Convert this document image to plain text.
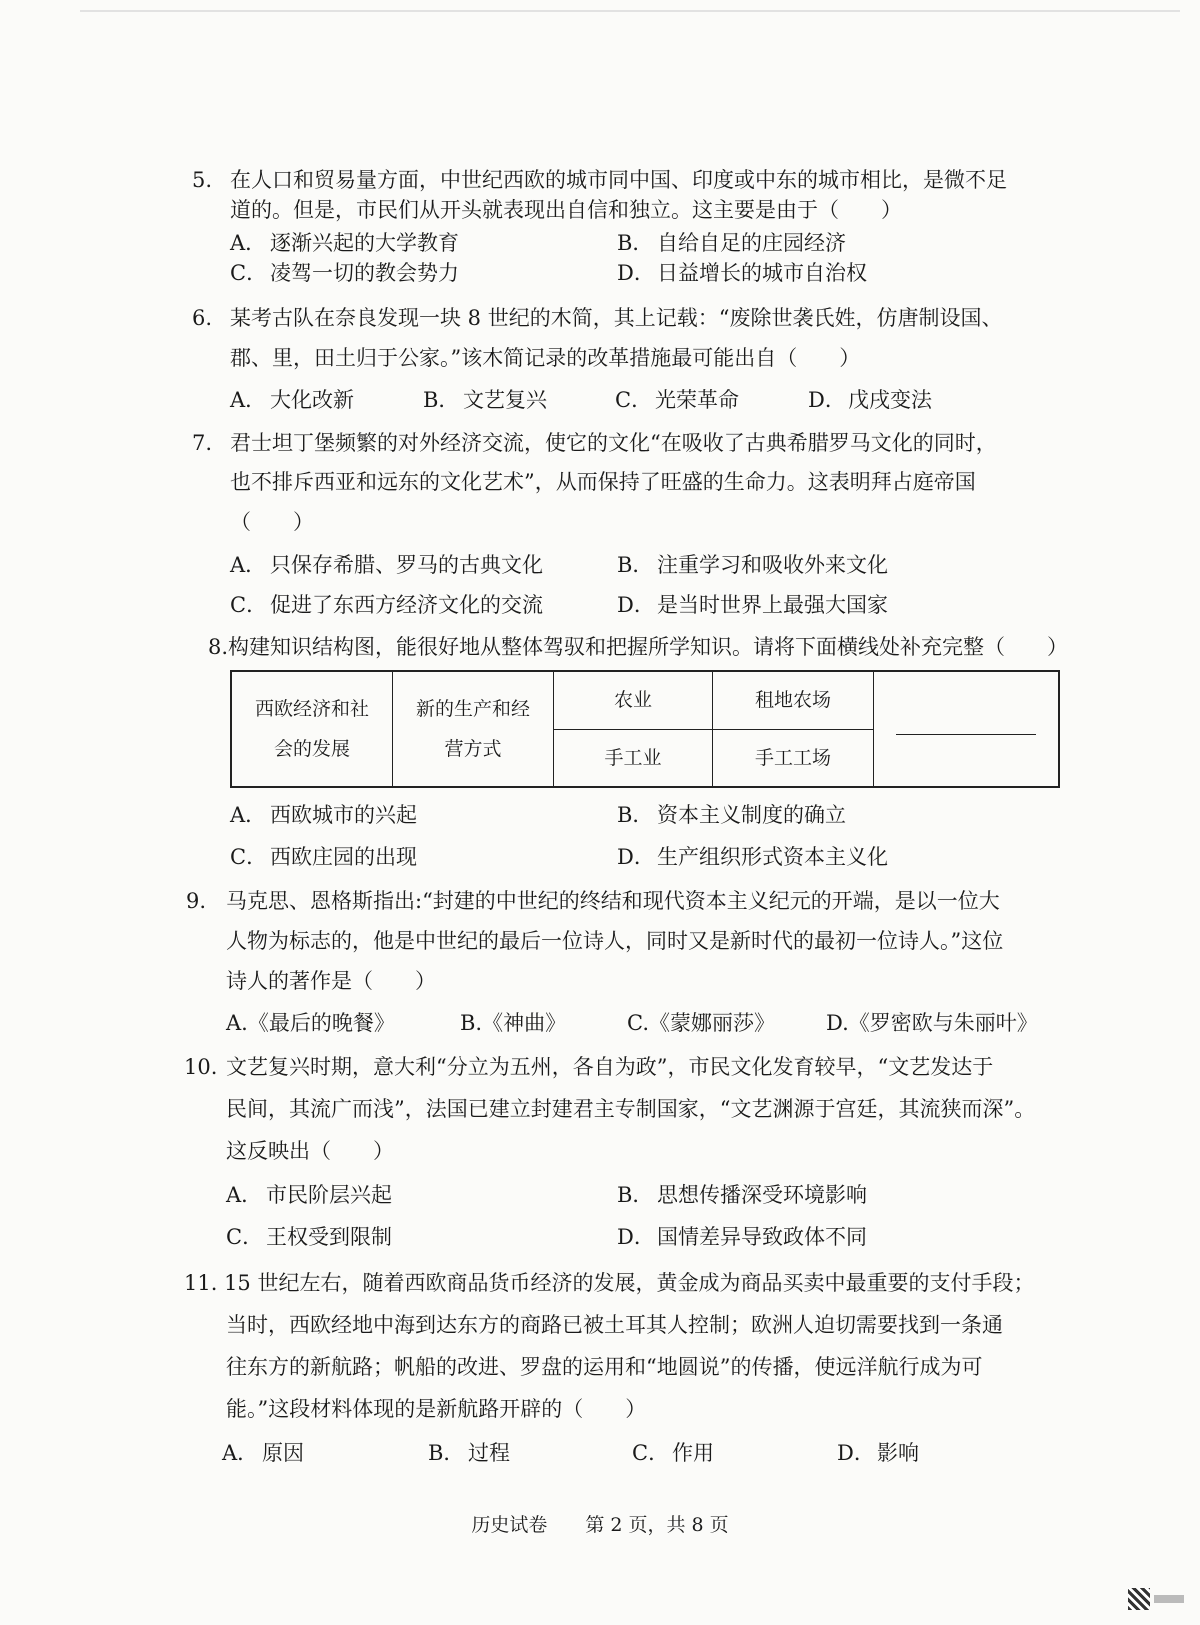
5. 在人口和贸易量方面，中世纪西欧的城市同中国、印度或中东的城市相比，是微不足
道的。但是，市民们从开头就表现出自信和独立。这主要是由于（　　）
A． 逐渐兴起的大学教育	B． 自给自足的庄园经济
C． 凌驾一切的教会势力	D． 日益增长的城市自治权
6. 某考古队在奈良发现一块 8 世纪的木简，其上记载：“废除世袭氏姓，仿唐制设国、
郡、里，田土归于公家。”该木简记录的改革措施最可能出自（　　）
A． 大化改新	B． 文艺复兴	C． 光荣革命	D． 戊戌变法
7. 君士坦丁堡频繁的对外经济交流，使它的文化“在吸收了古典希腊罗马文化的同时，
也不排斥西亚和远东的文化艺术”，从而保持了旺盛的生命力。这表明拜占庭帝国
（　　）
A． 只保存希腊、罗马的古典文化	B． 注重学习和吸收外来文化
C． 促进了东西方经济文化的交流	D． 是当时世界上最强大国家
8.构建知识结构图，能很好地从整体驾驭和把握所学知识。请将下面横线处补充完整（　　）
西欧经济和社会的发展	新的生产和经营方式	农业	租地农场	
		手工业	手工工场	
A． 西欧城市的兴起	B． 资本主义制度的确立
C． 西欧庄园的出现	D． 生产组织形式资本主义化
9. 马克思、恩格斯指出:“封建的中世纪的终结和现代资本主义纪元的开端，是以一位大
人物为标志的，他是中世纪的最后一位诗人，同时又是新时代的最初一位诗人。”这位
诗人的著作是（　　）
A.《最后的晚餐》	B.《神曲》	C.《蒙娜丽莎》 D.《罗密欧与朱丽叶》
10. 文艺复兴时期，意大利“分立为五州，各自为政”，市民文化发育较早，“文艺发达于
民间，其流广而浅”，法国已建立封建君主专制国家，“文艺渊源于宫廷，其流狭而深”。
这反映出（　　）
A． 市民阶层兴起	B． 思想传播深受环境影响
C． 王权受到限制	D． 国情差异导致政体不同
11. 15 世纪左右，随着西欧商品货币经济的发展，黄金成为商品买卖中最重要的支付手段；
当时，西欧经地中海到达东方的商路已被土耳其人控制；欧洲人迫切需要找到一条通
往东方的新航路；帆船的改进、罗盘的运用和“地圆说”的传播，使远洋航行成为可
能。”这段材料体现的是新航路开辟的（　　）
A． 原因	B． 过程	C． 作用	D． 影响
历史试卷　　第 2 页，共 8 页
